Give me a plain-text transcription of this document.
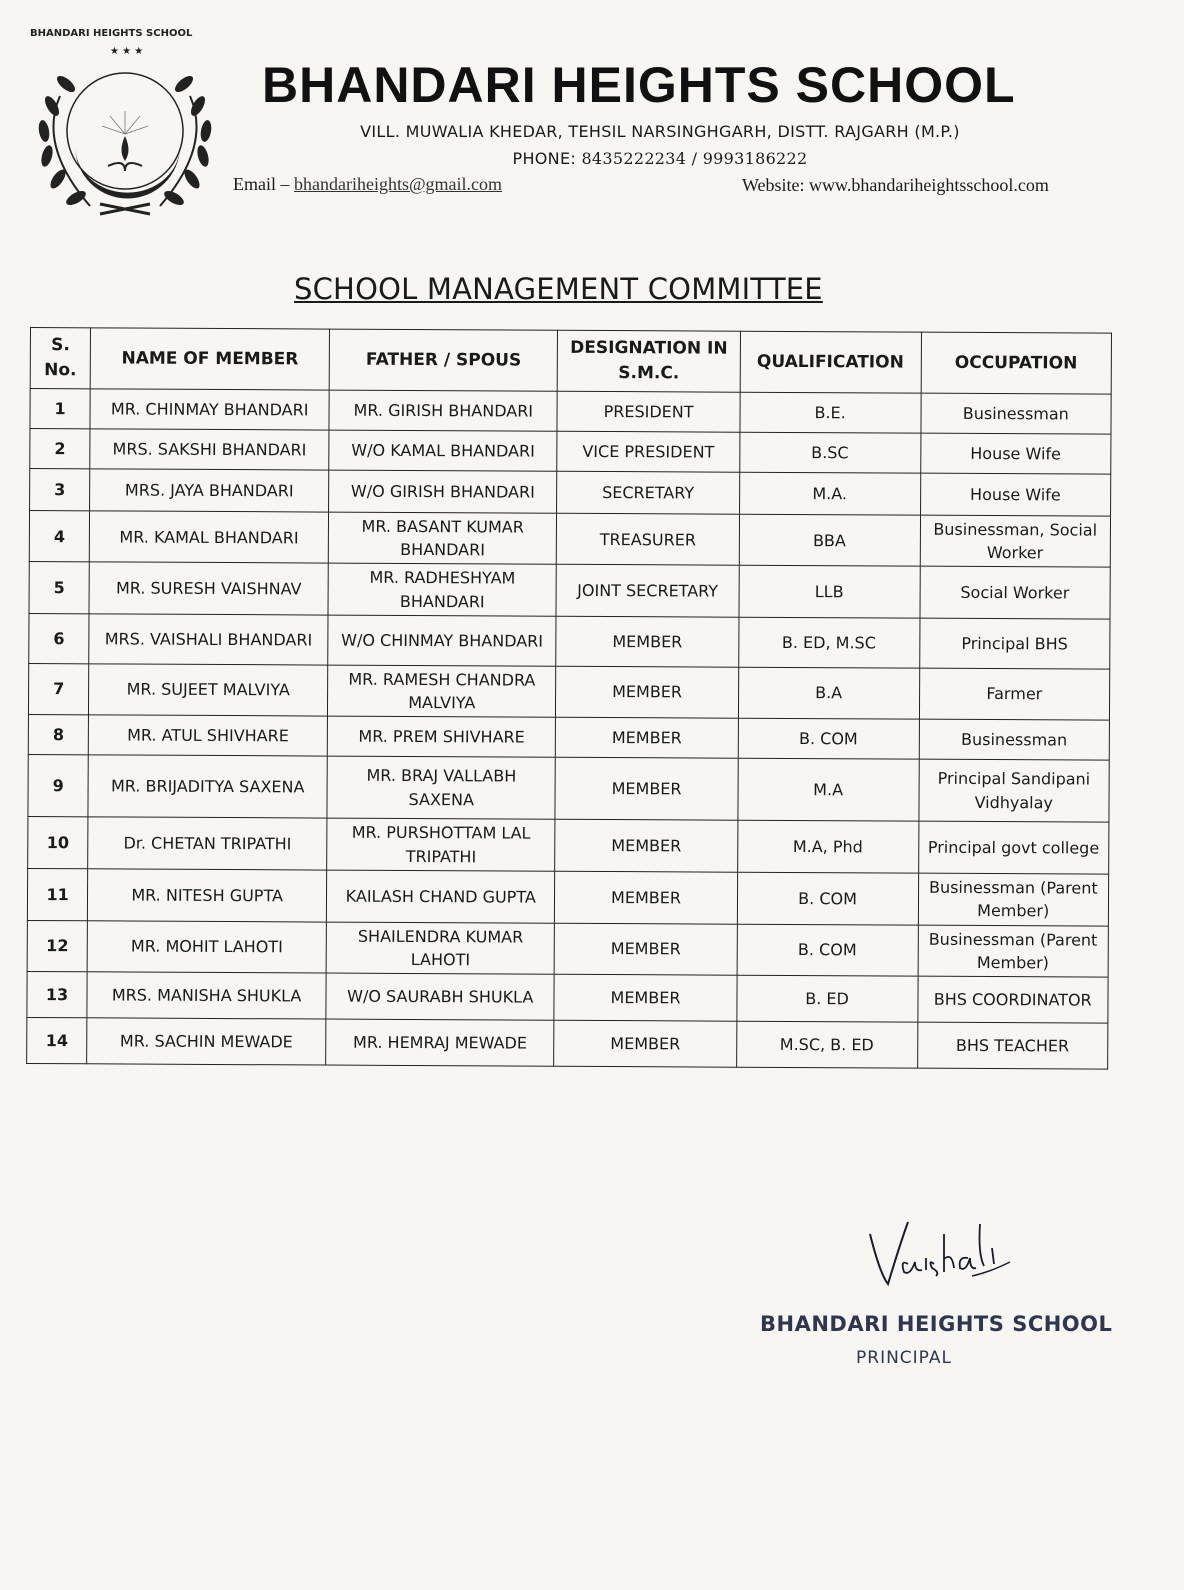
★ ★ ★
BHANDARI HEIGHTS SCHOOL
BHANDARI HEIGHTS SCHOOL
VILL. MUWALIA KHEDAR, TEHSIL NARSINGHGARH, DISTT. RAJGARH (M.P.)
PHONE: 8435222234 / 9993186222
Email – bhandariheights@gmail.com	Website: www.bhandariheightsschool.com
SCHOOL MANAGEMENT COMMITTEE
S. No.	NAME OF MEMBER	FATHER / SPOUS	DESIGNATION IN S.M.C.	QUALIFICATION	OCCUPATION
1	MR. CHINMAY BHANDARI	MR. GIRISH BHANDARI	PRESIDENT	B.E.	Businessman
2	MRS. SAKSHI BHANDARI	W/O KAMAL BHANDARI	VICE PRESIDENT	B.SC	House Wife
3	MRS. JAYA BHANDARI	W/O GIRISH BHANDARI	SECRETARY	M.A.	House Wife
4	MR. KAMAL BHANDARI	MR. BASANT KUMAR BHANDARI	TREASURER	BBA	Businessman, Social Worker
5	MR. SURESH VAISHNAV	MR. RADHESHYAM BHANDARI	JOINT SECRETARY	LLB	Social Worker
6	MRS. VAISHALI BHANDARI	W/O CHINMAY BHANDARI	MEMBER	B. ED, M.SC	Principal BHS
7	MR. SUJEET MALVIYA	MR. RAMESH CHANDRA MALVIYA	MEMBER	B.A	Farmer
8	MR. ATUL SHIVHARE	MR. PREM SHIVHARE	MEMBER	B. COM	Businessman
9	MR. BRIJADITYA SAXENA	MR. BRAJ VALLABH SAXENA	MEMBER	M.A	Principal Sandipani Vidhyalay
10	Dr. CHETAN TRIPATHI	MR. PURSHOTTAM LAL TRIPATHI	MEMBER	M.A, Phd	Principal govt college
11	MR. NITESH GUPTA	KAILASH CHAND GUPTA	MEMBER	B. COM	Businessman (Parent Member)
12	MR. MOHIT LAHOTI	SHAILENDRA KUMAR LAHOTI	MEMBER	B. COM	Businessman (Parent Member)
13	MRS. MANISHA SHUKLA	W/O SAURABH SHUKLA	MEMBER	B. ED	BHS COORDINATOR
14	MR. SACHIN MEWADE	MR. HEMRAJ MEWADE	MEMBER	M.SC, B. ED	BHS TEACHER
BHANDARI HEIGHTS SCHOOL
PRINCIPAL
